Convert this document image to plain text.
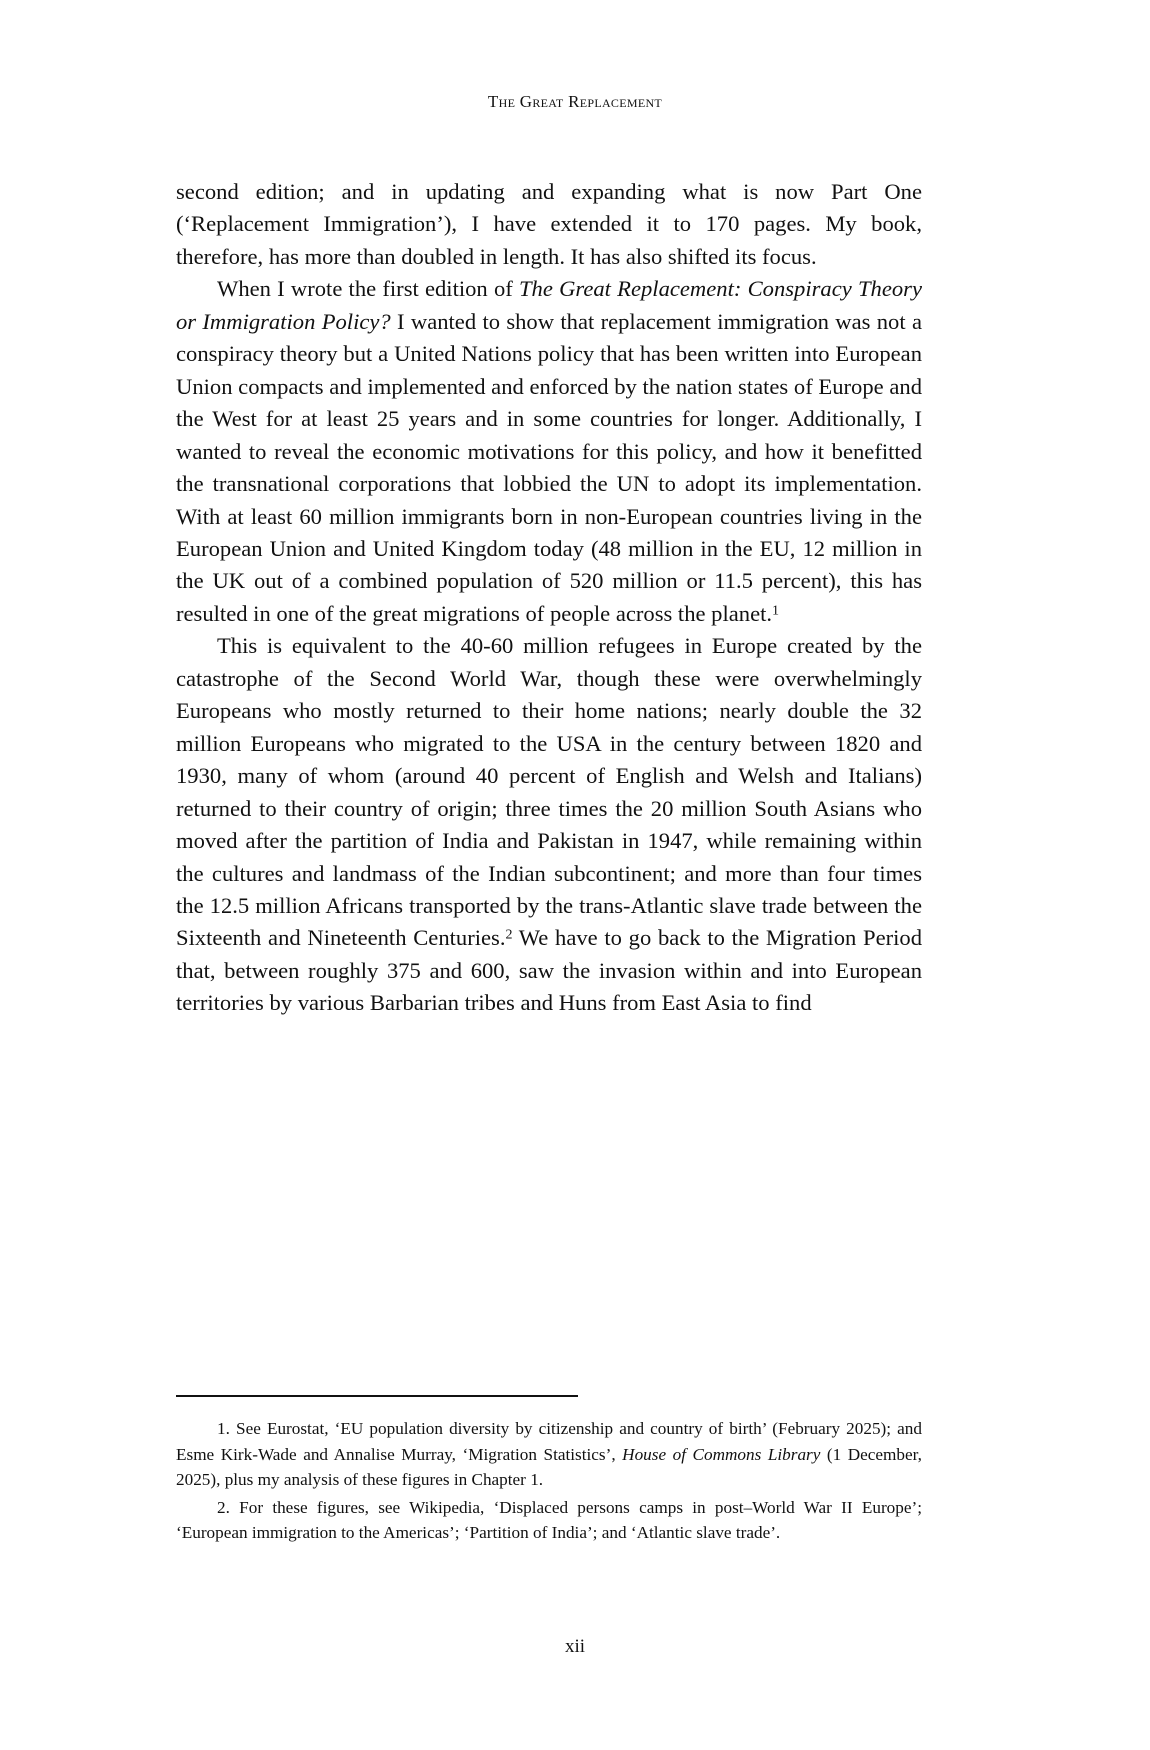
The Great Replacement

second edition; and in updating and expanding what is now Part One (‘Replacement Immigration’), I have extended it to 170 pages. My book, therefore, has more than doubled in length. It has also shifted its focus.

When I wrote the first edition of The Great Replacement: Conspiracy Theory or Immigration Policy? I wanted to show that replacement immigration was not a conspiracy theory but a United Nations policy that has been written into European Union compacts and implemented and enforced by the nation states of Europe and the West for at least 25 years and in some countries for longer. Additionally, I wanted to reveal the economic motivations for this policy, and how it benefitted the transnational corporations that lobbied the UN to adopt its implementation. With at least 60 million immigrants born in non-European countries living in the European Union and United Kingdom today (48 million in the EU, 12 million in the UK out of a combined population of 520 million or 11.5 percent), this has resulted in one of the great migrations of people across the planet.$^1$

This is equivalent to the 40-60 million refugees in Europe created by the catastrophe of the Second World War, though these were overwhelmingly Europeans who mostly returned to their home nations; nearly double the 32 million Europeans who migrated to the USA in the century between 1820 and 1930, many of whom (around 40 percent of English and Welsh and Italians) returned to their country of origin; three times the 20 million South Asians who moved after the partition of India and Pakistan in 1947, while remaining within the cultures and landmass of the Indian subcontinent; and more than four times the 12.5 million Africans transported by the trans-Atlantic slave trade between the Sixteenth and Nineteenth Centuries.$^2$ We have to go back to the Migration Period that, between roughly 375 and 600, saw the invasion within and into European territories by various Barbarian tribes and Huns from East Asia to find

1. See Eurostat, ‘EU population diversity by citizenship and country of birth’ (February 2025); and Esme Kirk-Wade and Annalise Murray, ‘Migration Statistics’, House of Commons Library (1 December, 2025), plus my analysis of these figures in Chapter 1.

2. For these figures, see Wikipedia, ‘Displaced persons camps in post–World War II Europe’; ‘European immigration to the Americas’; ‘Partition of India’; and ‘Atlantic slave trade’.

xii
